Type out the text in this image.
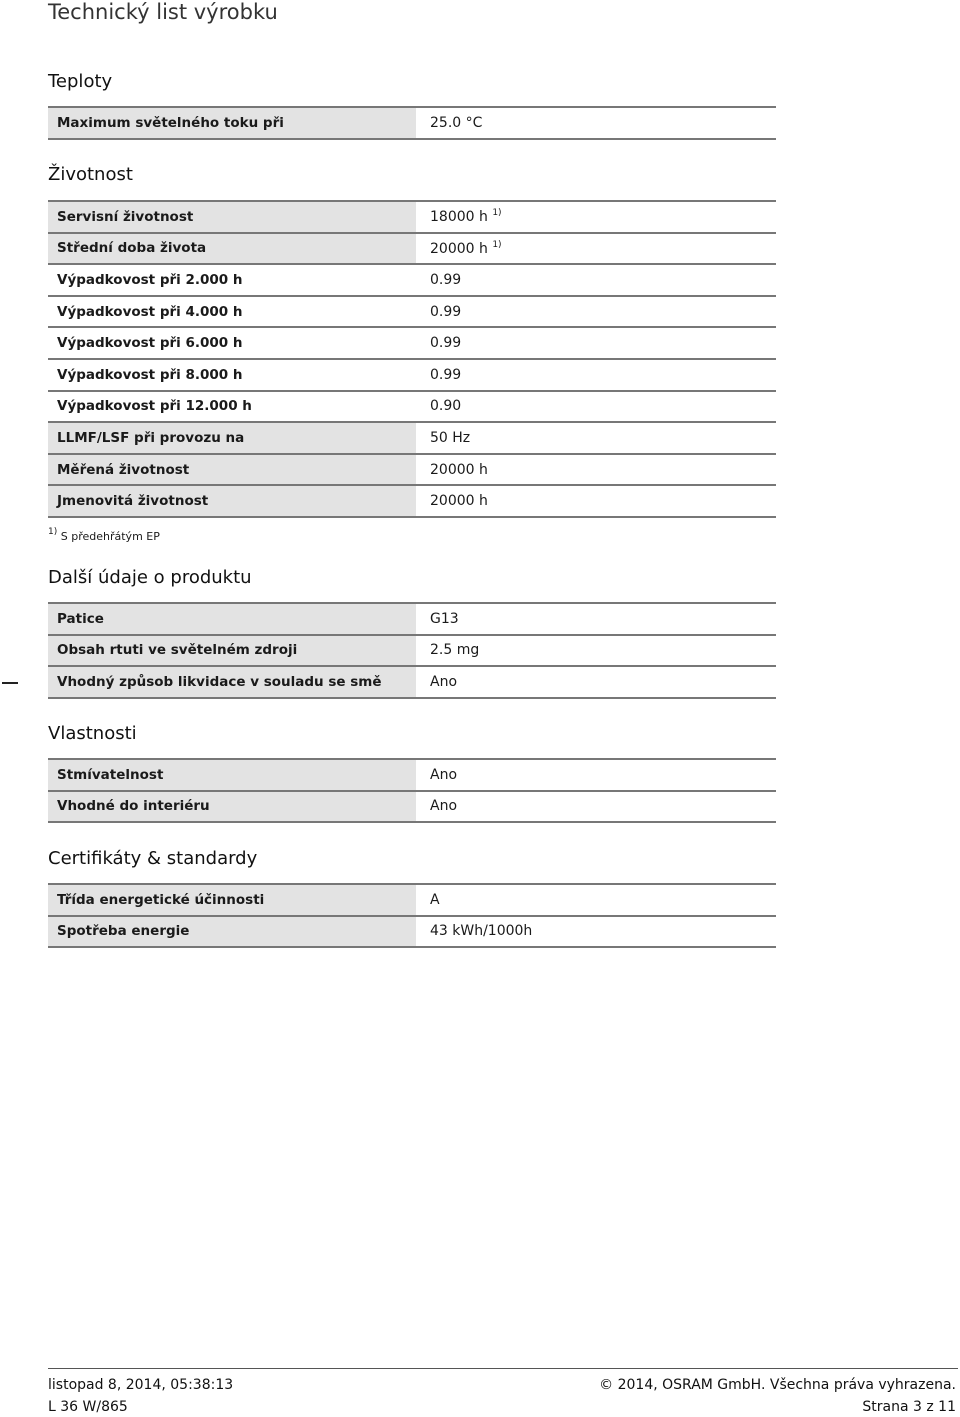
Technický list výrobku
Teploty
Maximum světelného toku při		25.0 °C
Životnost
Servisní životnost		18000 h $^{1)}$
Střední doba života		20000 h $^{1)}$
Výpadkovost při 2.000 h		0.99
Výpadkovost při 4.000 h		0.99
Výpadkovost při 6.000 h		0.99
Výpadkovost při 8.000 h		0.99
Výpadkovost při 12.000 h		0.90
LLMF/LSF při provozu na		50 Hz
Měřená životnost		20000 h
Jmenovitá životnost		20000 h
$^{1)}$ S předehřátým EP
Další údaje o produktu
Patice		G13
Obsah rtuti ve světelném zdroji		2.5 mg
Vhodný způsob likvidace v souladu se smě		Ano
Vlastnosti
Stmívatelnost		Ano
Vhodné do interiéru		Ano
Certifikáty & standardy
Třída energetické účinnosti		A
Spotřeba energie		43 kWh/1000h
listopad 8, 2014, 05:38:13
L 36 W/865
© 2014, OSRAM GmbH. Všechna práva vyhrazena.
Strana 3 z 11
